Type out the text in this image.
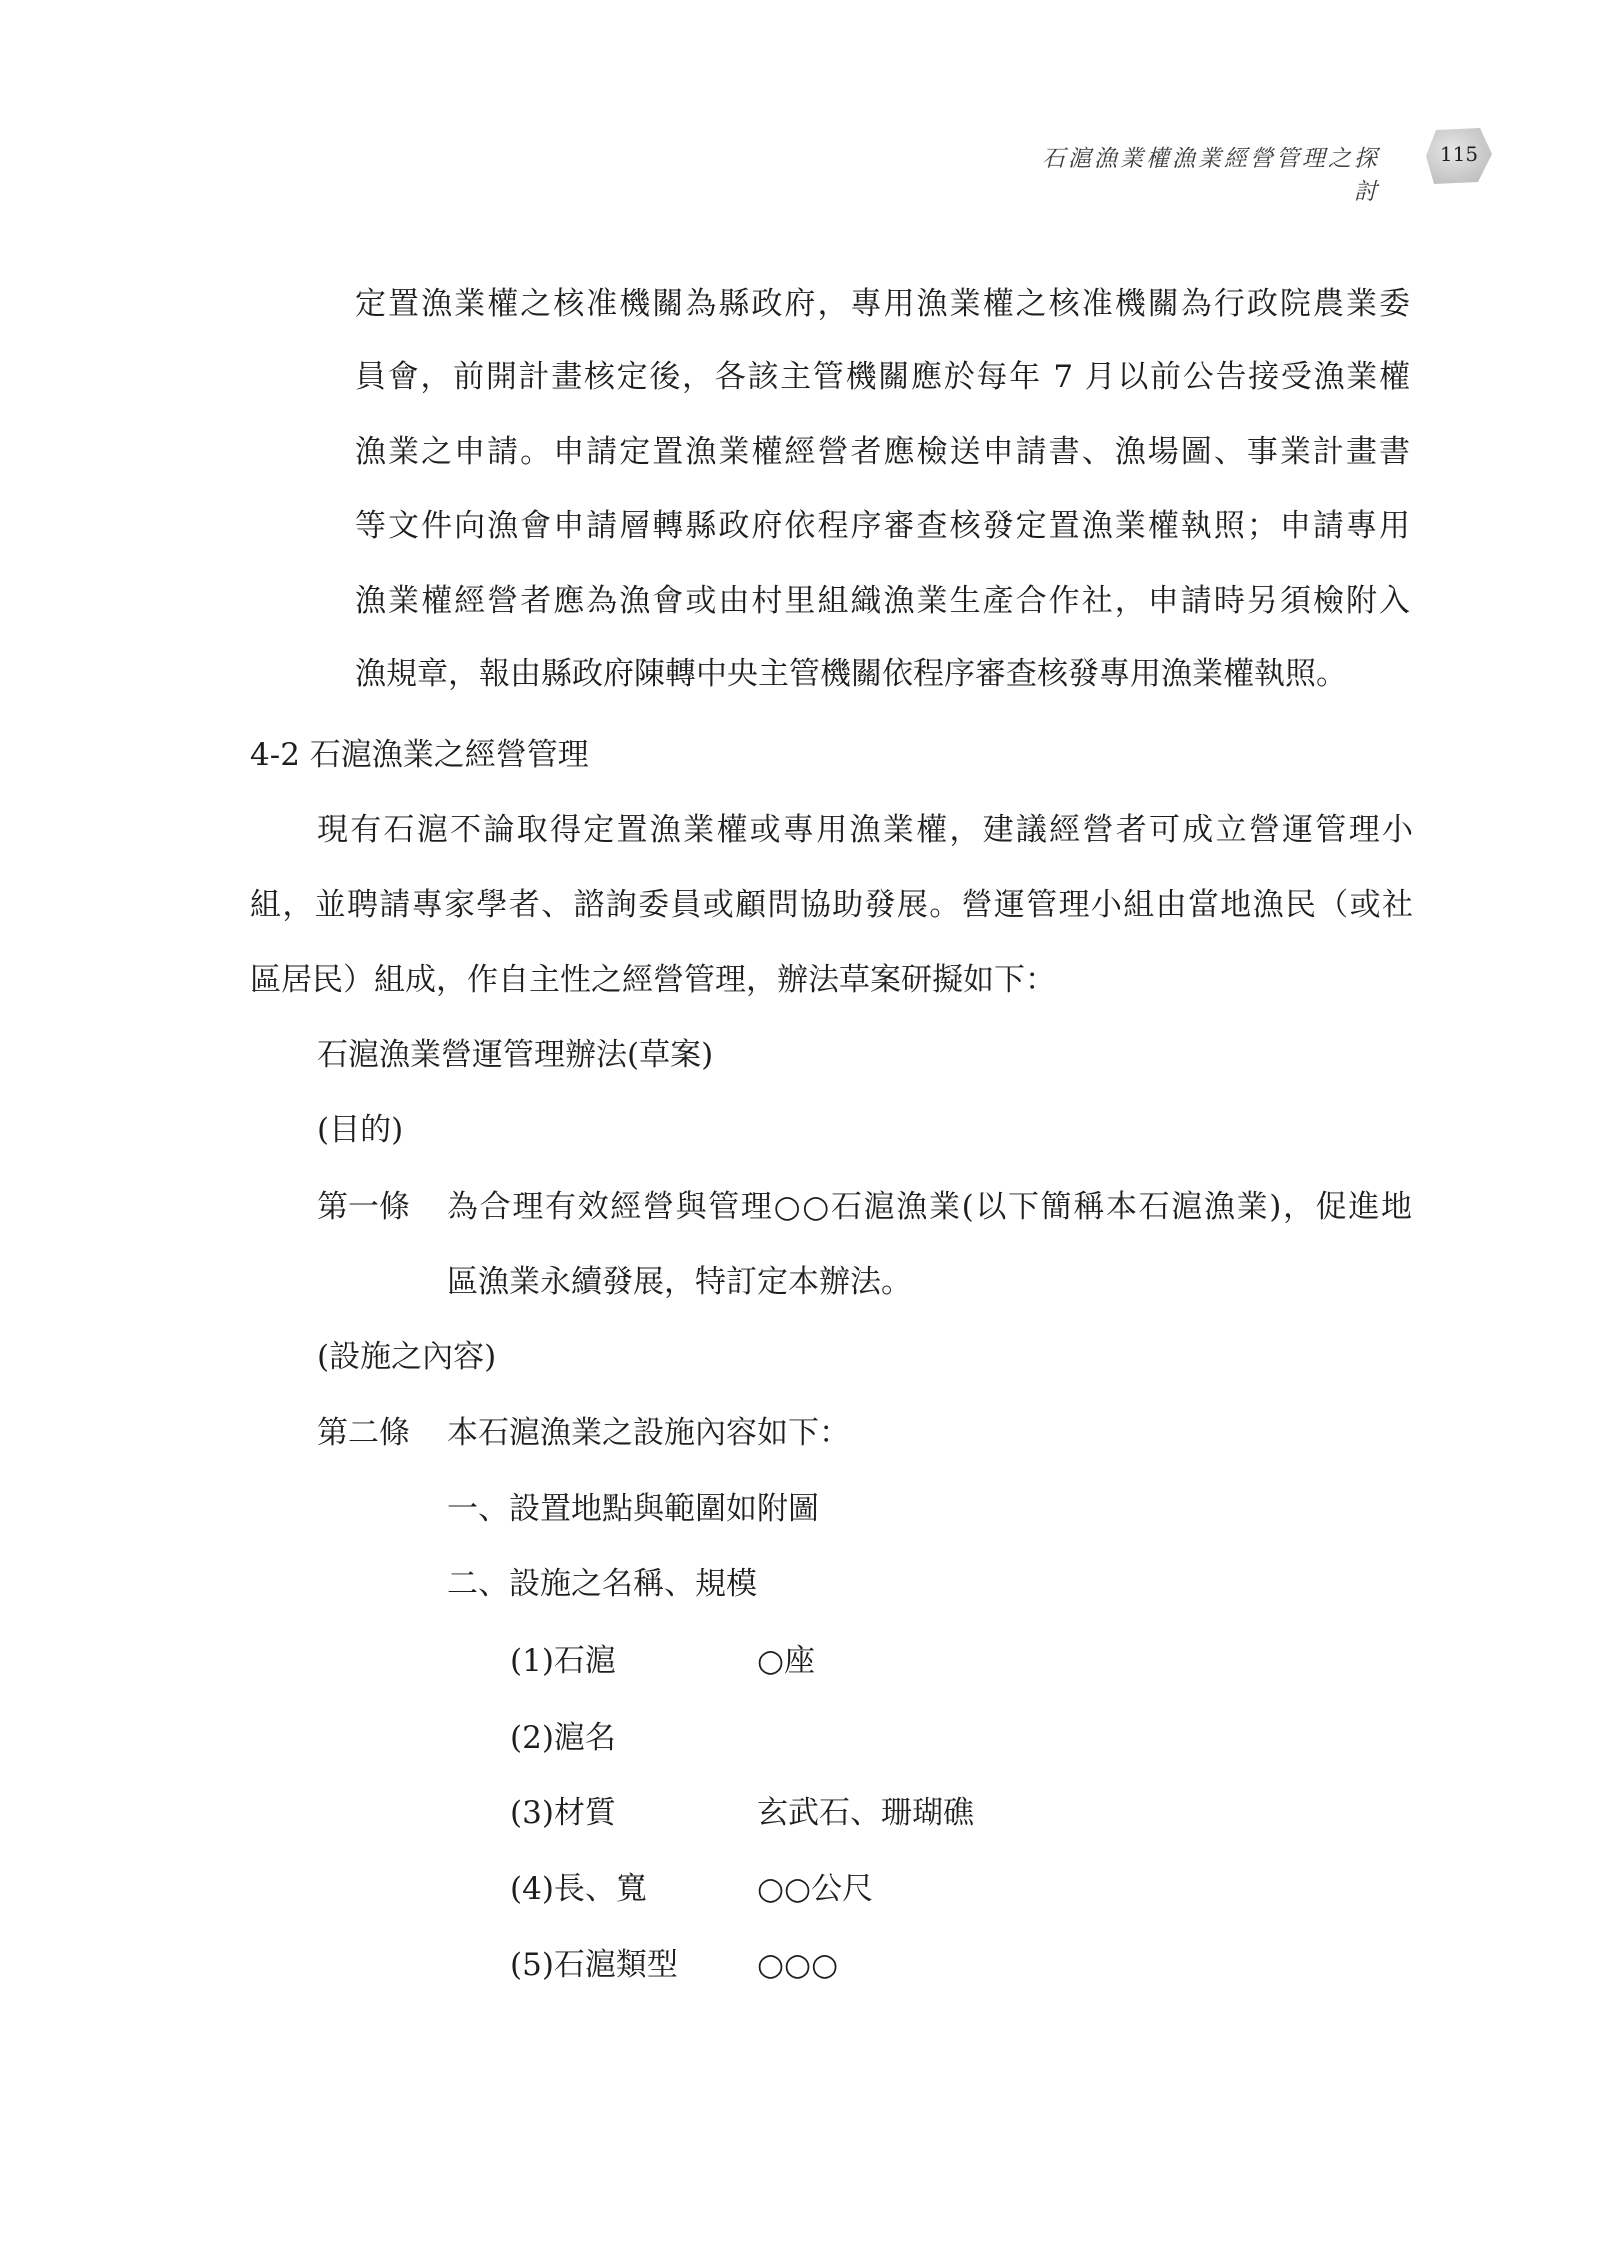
石滬漁業權漁業經營管理之探討
115
定置漁業權之核准機關為縣政府，專用漁業權之核准機關為行政院農業委
員會，前開計畫核定後，各該主管機關應於每年 7 月以前公告接受漁業權
漁業之申請。申請定置漁業權經營者應檢送申請書、漁場圖、事業計畫書
等文件向漁會申請層轉縣政府依程序審查核發定置漁業權執照；申請專用
漁業權經營者應為漁會或由村里組織漁業生產合作社，申請時另須檢附入
漁規章，報由縣政府陳轉中央主管機關依程序審查核發專用漁業權執照。
4-2 石滬漁業之經營管理
現有石滬不論取得定置漁業權或專用漁業權，建議經營者可成立營運管理小
組，並聘請專家學者、諮詢委員或顧問協助發展。營運管理小組由當地漁民（或社
區居民）組成，作自主性之經營管理，辦法草案研擬如下：
石滬漁業營運管理辦法(草案)
(目的)
第一條 為合理有效經營與管理○○石滬漁業(以下簡稱本石滬漁業)，促進地
區漁業永續發展，特訂定本辦法。
(設施之內容)
第二條 本石滬漁業之設施內容如下：
一、設置地點與範圍如附圖
二、設施之名稱、規模
(1)石滬	○座
(2)滬名
(3)材質	玄武石、珊瑚礁
(4)長、寬	○○公尺
(5)石滬類型	○○○
